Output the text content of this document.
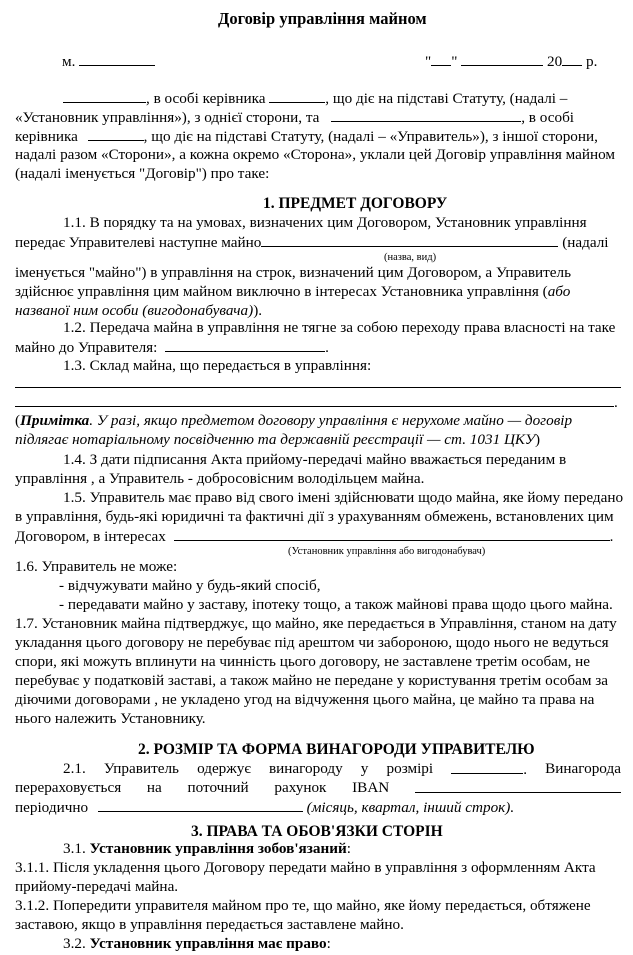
Договір управління майном
м.	" "	20 р.
, в особі керівника	, що діє на підставі Статуту, (надалі –
«Установник управління»), з однієї сторони, та	, в особі
керівника	, що діє на підставі Статуту, (надалі – «Управитель»), з іншої сторони,
надалі разом «Сторони», а кожна окремо «Сторона», уклали цей Договір управління майном
(надалі іменується "Договір") про таке:
1. ПРЕДМЕТ ДОГОВОРУ
1.1. В порядку та на умовах, визначених цим Договором, Установник управління
передає Управителеві наступне майно	(надалі
(назва, вид)
іменується "майно") в управління на строк, визначений цим Договором, а Управитель
здійснює управління цим майном виключно в інтересах Установника управління (або
названої ним особи (вигодонабувача)).
1.2. Передача майна в управління не тягне за собою переходу права власності на таке
майно до Управителя:	.
1.3. Склад майна, що передається в управління:
.
(Примітка. У разі, якщо предметом договору управління є нерухоме майно — договір
підлягає нотаріальному посвідченню та державній реєстрації — ст. 1031 ЦКУ)
1.4. З дати підписання Акта прийому-передачі майно вважається переданим в
управління , а Управитель - добросовісним володільцем майна.
1.5. Управитель має право від свого імені здійснювати щодо майна, яке йому передано
в управління, будь-які юридичні та фактичні дії з урахуванням обмежень, встановлених цим
Договором, в інтересах	.
(Установник управління або вигодонабувач)
1.6. Управитель не може:
- відчужувати майно у будь-який спосіб,
- передавати майно у заставу, іпотеку тощо, а також майнові права щодо цього майна.
1.7. Установник майна підтверджує, що майно, яке передається в Управління, станом на дату
укладання цього договору не перебуває під арештом чи забороною, щодо нього не ведуться
спори, які можуть вплинути на чинність цього договору, не заставлене третім особам, не
перебуває у податковій заставі, а також майно не передане у користування третім особам за
діючими договорами , не укладено угод на відчуження цього майна, це майно та права на
нього належить Установнику.
2. РОЗМІР ТА ФОРМА ВИНАГОРОДИ УПРАВИТЕЛЮ
2.1. Управитель одержує винагороду у розмірі	. Винагорода
перераховується на поточний рахунок IBAN
періодично	(місяць, квартал, інший строк).
3. ПРАВА ТА ОБОВ'ЯЗКИ СТОРІН
3.1. Установник управління зобов'язаний:
3.1.1. Після укладення цього Договору передати майно в управління з оформленням Акта
прийому-передачі майна.
3.1.2. Попередити управителя майном про те, що майно, яке йому передається, обтяжене
заставою, якщо в управління передається заставлене майно.
3.2. Установник управління має право:
